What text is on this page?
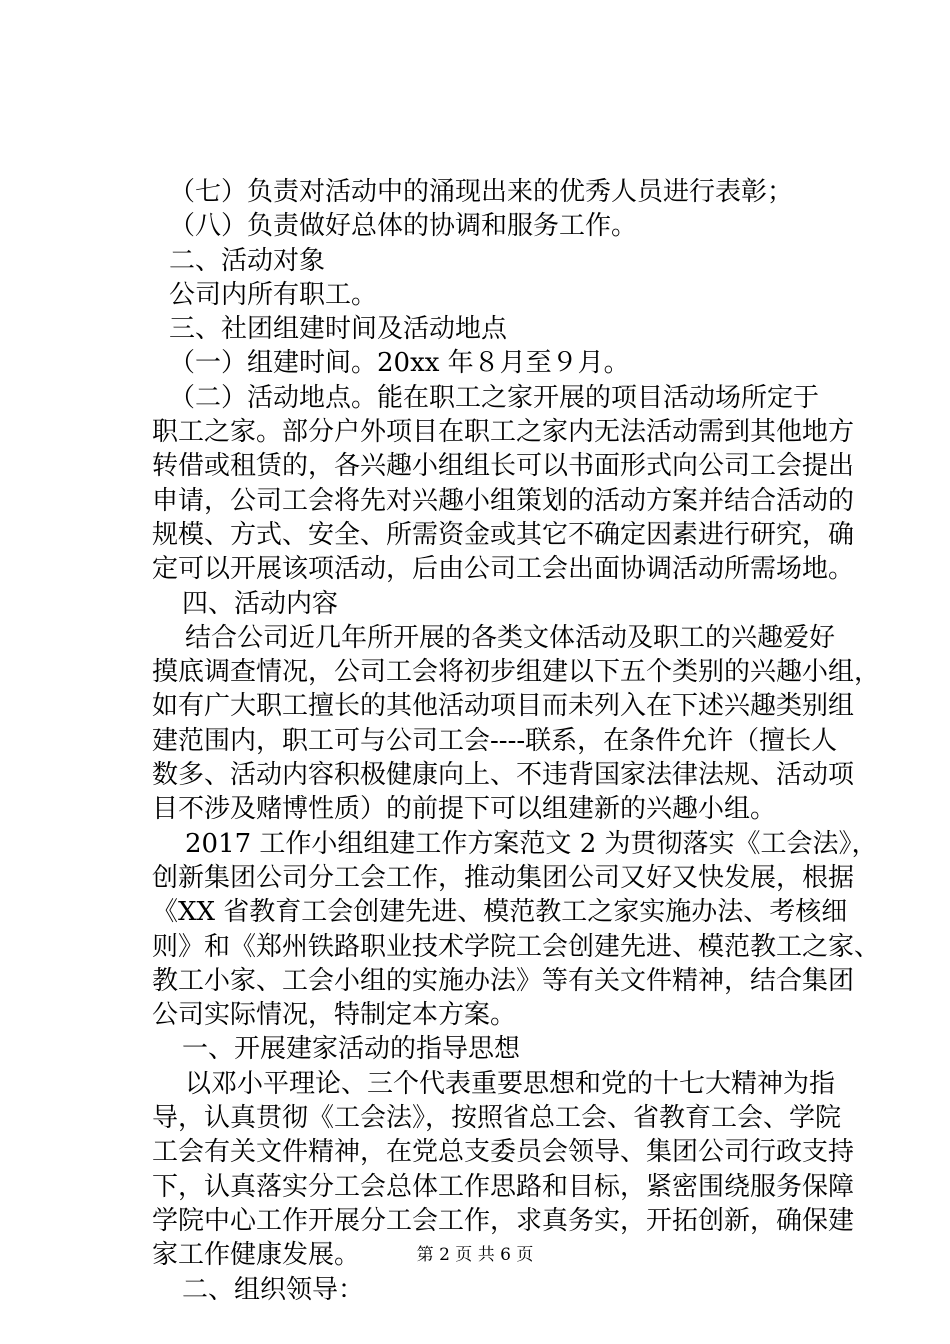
（七）负责对活动中的涌现出来的优秀人员进行表彰；
（八）负责做好总体的协调和服务工作。
二、活动对象
公司内所有职工。
三、社团组建时间及活动地点
（一）组建时间。20xx 年８月至９月。
（二）活动地点。能在职工之家开展的项目活动场所定于
职工之家。部分户外项目在职工之家内无法活动需到其他地方
转借或租赁的，各兴趣小组组长可以书面形式向公司工会提出
申请，公司工会将先对兴趣小组策划的活动方案并结合活动的
规模、方式、安全、所需资金或其它不确定因素进行研究，确
定可以开展该项活动，后由公司工会出面协调活动所需场地。
四、活动内容
结合公司近几年所开展的各类文体活动及职工的兴趣爱好
摸底调查情况，公司工会将初步组建以下五个类别的兴趣小组，
如有广大职工擅长的其他活动项目而未列入在下述兴趣类别组
建范围内，职工可与公司工会----联系，在条件允许（擅长人
数多、活动内容积极健康向上、不违背国家法律法规、活动项
目不涉及赌博性质）的前提下可以组建新的兴趣小组。
2017 工作小组组建工作方案范文 2 为贯彻落实《工会法》，
创新集团公司分工会工作，推动集团公司又好又快发展，根据
《XX 省教育工会创建先进、模范教工之家实施办法、考核细
则》和《郑州铁路职业技术学院工会创建先进、模范教工之家、
教工小家、工会小组的实施办法》等有关文件精神，结合集团
公司实际情况，特制定本方案。
一、开展建家活动的指导思想
以邓小平理论、三个代表重要思想和党的十七大精神为指
导，认真贯彻《工会法》，按照省总工会、省教育工会、学院
工会有关文件精神，在党总支委员会领导、集团公司行政支持
下，认真落实分工会总体工作思路和目标，紧密围绕服务保障
学院中心工作开展分工会工作，求真务实，开拓创新，确保建
家工作健康发展。
二、组织领导：
第 2 页 共 6 页
